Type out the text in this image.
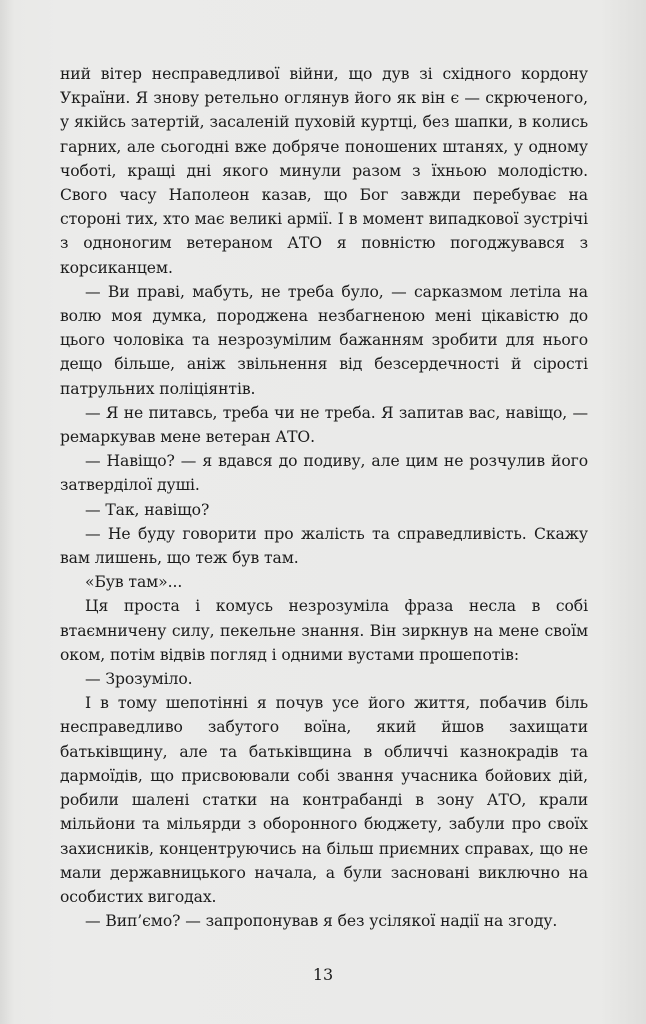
ний вітер несправедливої війни, що дув зі східного кордону України. Я знову ретельно оглянув його як він є — скрюченого, у якійсь затертій, засаленій пуховій куртці, без шапки, в колись гарних, але сьогодні вже добряче поношених штанях, у одному чоботі, кращі дні якого минули разом з їхньою молодістю. Свого часу Наполеон казав, що Бог завжди перебуває на стороні тих, хто має великі армії. І в момент випадкової зустрічі з одноногим ветераном АТО я повністю погоджувався з корсиканцем.

— Ви праві, мабуть, не треба було, — сарказмом летіла на волю моя думка, породжена незбагненою мені цікавістю до цього чоловіка та незрозумілим бажанням зробити для нього дещо більше, аніж звільнення від безсердечності й сірості патрульних поліціянтів.

— Я не питавсь, треба чи не треба. Я запитав вас, навіщо, — ремаркував мене ветеран АТО.

— Навіщо? — я вдався до подиву, але цим не розчулив його затверділої душі.

— Так, навіщо?

— Не буду говорити про жалість та справедливість. Скажу вам лишень, що теж був там.

«Був там»...

Ця проста і комусь незрозуміла фраза несла в собі втаємничену силу, пекельне знання. Він зиркнув на мене своїм оком, потім відвів погляд і одними вустами прошепотів:

— Зрозуміло.

І в тому шепотінні я почув усе його життя, побачив біль несправедливо забутого воїна, який йшов захищати батьківщину, але та батьківщина в обличчі казнокрадів та дармоїдів, що присвоювали собі звання учасника бойових дій, робили шалені статки на контрабанді в зону АТО, крали мільйони та мільярди з оборонного бюджету, забули про своїх захисників, концентруючись на більш приємних справах, що не мали державницького начала, а були засновані виключно на особистих вигодах.

— Вип’ємо? — запропонував я без усілякої надії на згоду.

13
